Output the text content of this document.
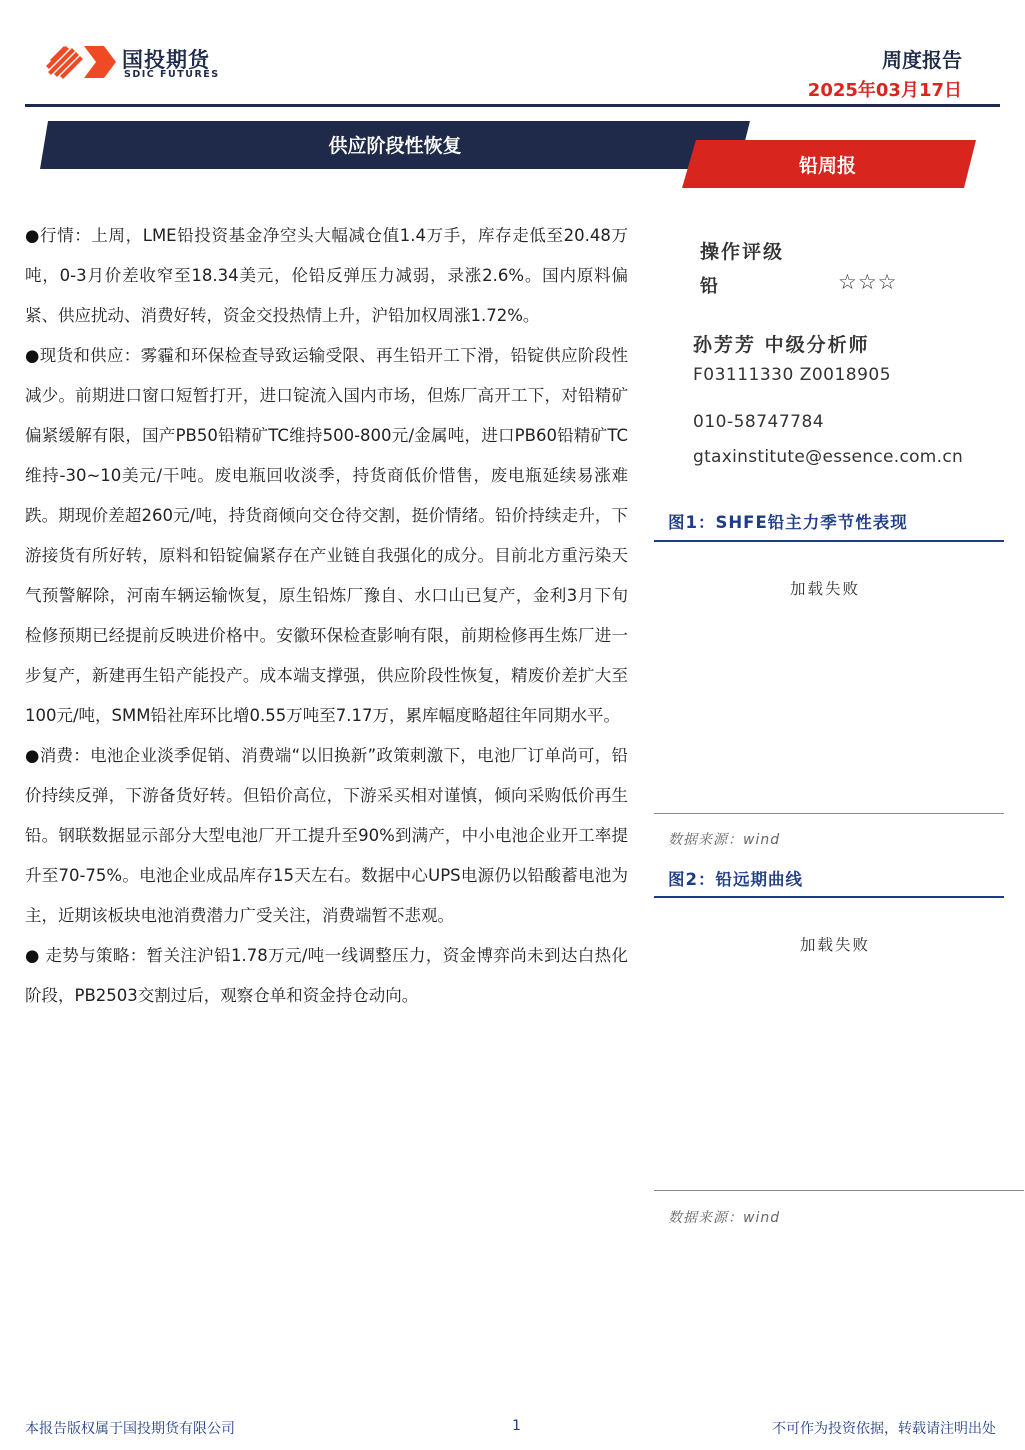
国投期货
SDIC FUTURES
周度报告
2025年03月17日
供应阶段性恢复
铅周报

●行情：上周，LME铅投资基金净空头大幅减仓值1.4万手，库存走低至20.48万吨，0-3月价差收窄至18.34美元，伦铅反弹压力减弱，录涨2.6%。国内原料偏紧、供应扰动、消费好转，资金交投热情上升，沪铅加权周涨1.72%。

●现货和供应：雾霾和环保检查导致运输受限、再生铅开工下滑，铅锭供应阶段性减少。前期进口窗口短暂打开，进口锭流入国内市场，但炼厂高开工下，对铅精矿偏紧缓解有限，国产PB50铅精矿TC维持500-800元/金属吨，进口PB60铅精矿TC维持-30~10美元/干吨。废电瓶回收淡季，持货商低价惜售，废电瓶延续易涨难跌。期现价差超260元/吨，持货商倾向交仓待交割，挺价情绪。铅价持续走升，下游接货有所好转，原料和铅锭偏紧存在产业链自我强化的成分。目前北方重污染天气预警解除，河南车辆运输恢复，原生铅炼厂豫自、水口山已复产，金利3月下旬检修预期已经提前反映进价格中。安徽环保检查影响有限，前期检修再生炼厂进一步复产，新建再生铅产能投产。成本端支撑强，供应阶段性恢复，精废价差扩大至100元/吨，SMM铅社库环比增0.55万吨至7.17万，累库幅度略超往年同期水平。

●消费：电池企业淡季促销、消费端“以旧换新”政策刺激下，电池厂订单尚可，铅价持续反弹，下游备货好转。但铅价高位，下游采买相对谨慎，倾向采购低价再生铅。钢联数据显示部分大型电池厂开工提升至90%到满产，中小电池企业开工率提升至70-75%。电池企业成品库存15天左右。数据中心UPS电源仍以铅酸蓄电池为主，近期该板块电池消费潜力广受关注，消费端暂不悲观。

● 走势与策略：暂关注沪铅1.78万元/吨一线调整压力，资金博弈尚未到达白热化阶段，PB2503交割过后，观察仓单和资金持仓动向。

操作评级
铅	☆☆☆
孙芳芳 中级分析师
F03111330 Z0018905
010-58747784
gtaxinstitute@essence.com.cn
图1：SHFE铅主力季节性表现
加载失败
数据来源：wind
图2：铅远期曲线
加载失败
数据来源：wind
本报告版权属于国投期货有限公司	1	不可作为投资依据，转载请注明出处
